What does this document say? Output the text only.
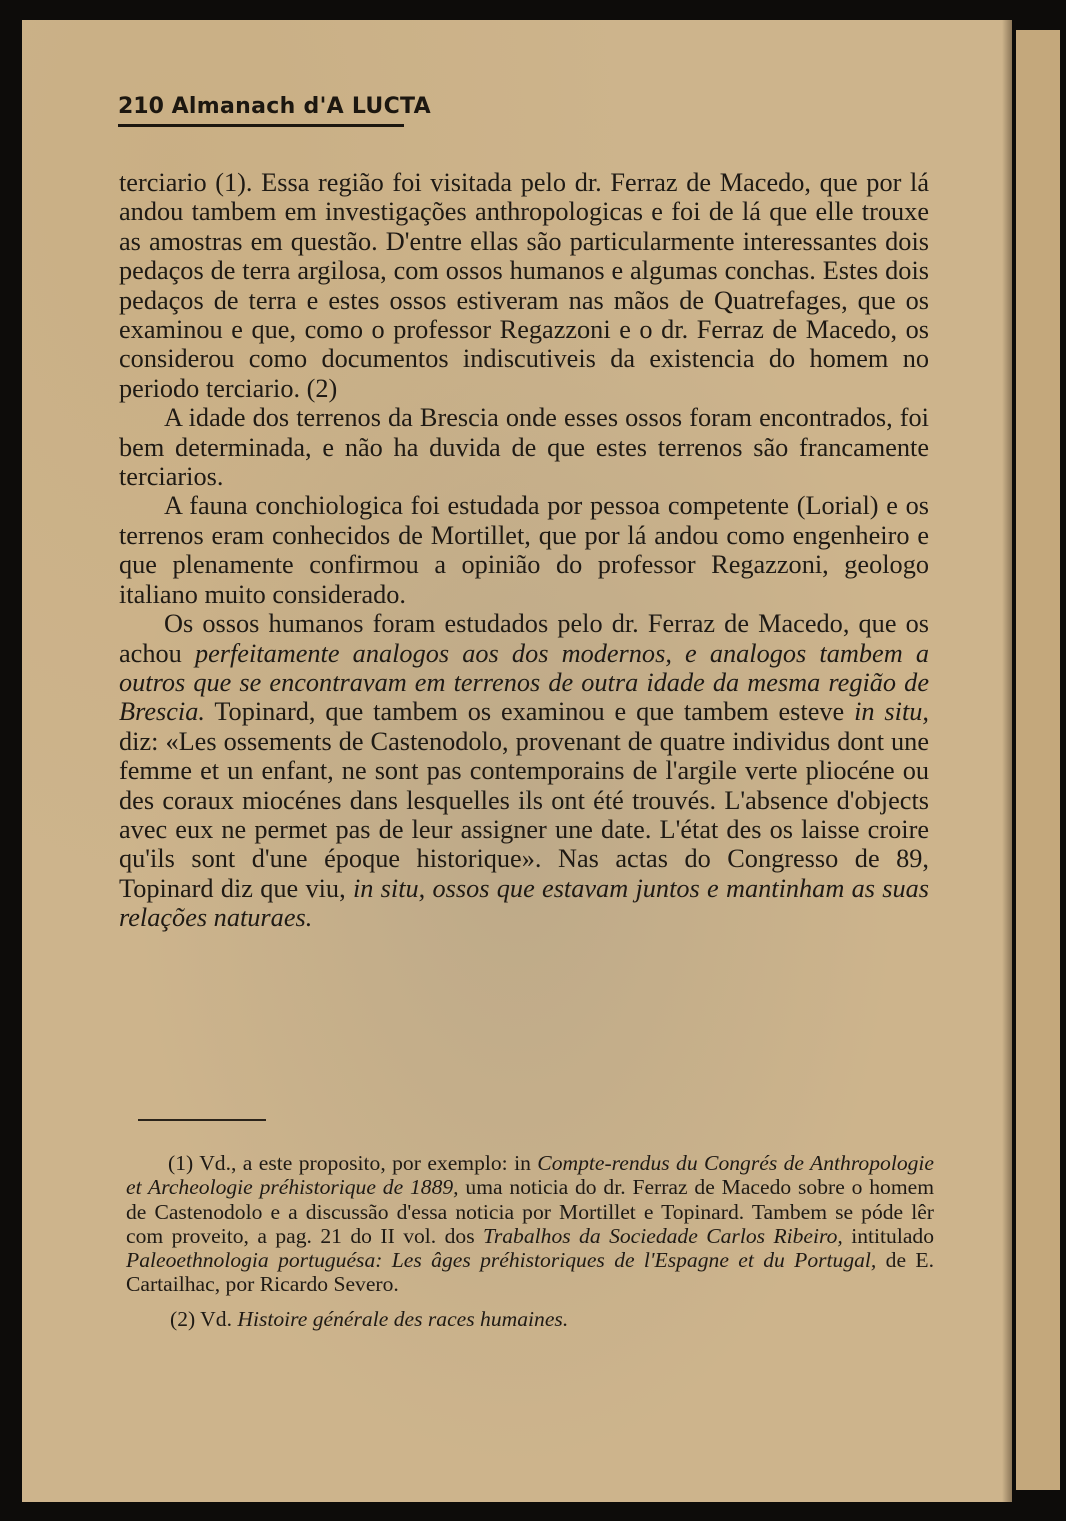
210 Almanach d'A LUCTA

terciario (1). Essa região foi visitada pelo dr. Ferraz de Macedo, que por lá andou tambem em investigações anthropologicas e foi de lá que elle trouxe as amostras em questão. D'entre ellas são particularmente interessantes dois pedaços de terra argilosa, com ossos humanos e algumas conchas. Estes dois pedaços de terra e estes ossos estiveram nas mãos de Quatrefages, que os examinou e que, como o professor Regazzoni e o dr. Ferraz de Macedo, os considerou como documentos indiscutiveis da existencia do homem no periodo terciario. (2)

A idade dos terrenos da Brescia onde esses ossos foram encontrados, foi bem determinada, e não ha duvida de que estes terrenos são francamente terciarios.

A fauna conchiologica foi estudada por pessoa competente (Lorial) e os terrenos eram conhecidos de Mortillet, que por lá andou como engenheiro e que plenamente confirmou a opinião do professor Regazzoni, geologo italiano muito considerado.

Os ossos humanos foram estudados pelo dr. Ferraz de Macedo, que os achou perfeitamente analogos aos dos modernos, e analogos tambem a outros que se encontravam em terrenos de outra idade da mesma região de Brescia. Topinard, que tambem os examinou e que tambem esteve in situ, diz: «Les ossements de Castenodolo, provenant de quatre individus dont une femme et un enfant, ne sont pas contemporains de l'argile verte pliocéne ou des coraux miocénes dans lesquelles ils ont été trouvés. L'absence d'objects avec eux ne permet pas de leur assigner une date. L'état des os laisse croire qu'ils sont d'une époque historique». Nas actas do Congresso de 89, Topinard diz que viu, in situ, ossos que estavam juntos e mantinham as suas relações naturaes.

(1) Vd., a este proposito, por exemplo: in Compte-rendus du Congrés de Anthropologie et Archeologie préhistorique de 1889, uma noticia do dr. Ferraz de Macedo sobre o homem de Castenodolo e a discussão d'essa noticia por Mortillet e Topinard. Tambem se póde lêr com proveito, a pag. 21 do II vol. dos Trabalhos da Sociedade Carlos Ribeiro, intitulado Paleoethnologia portuguésa: Les âges préhistoriques de l'Espagne et du Portugal, de E. Cartailhac, por Ricardo Severo.

(2) Vd. Histoire générale des races humaines.
